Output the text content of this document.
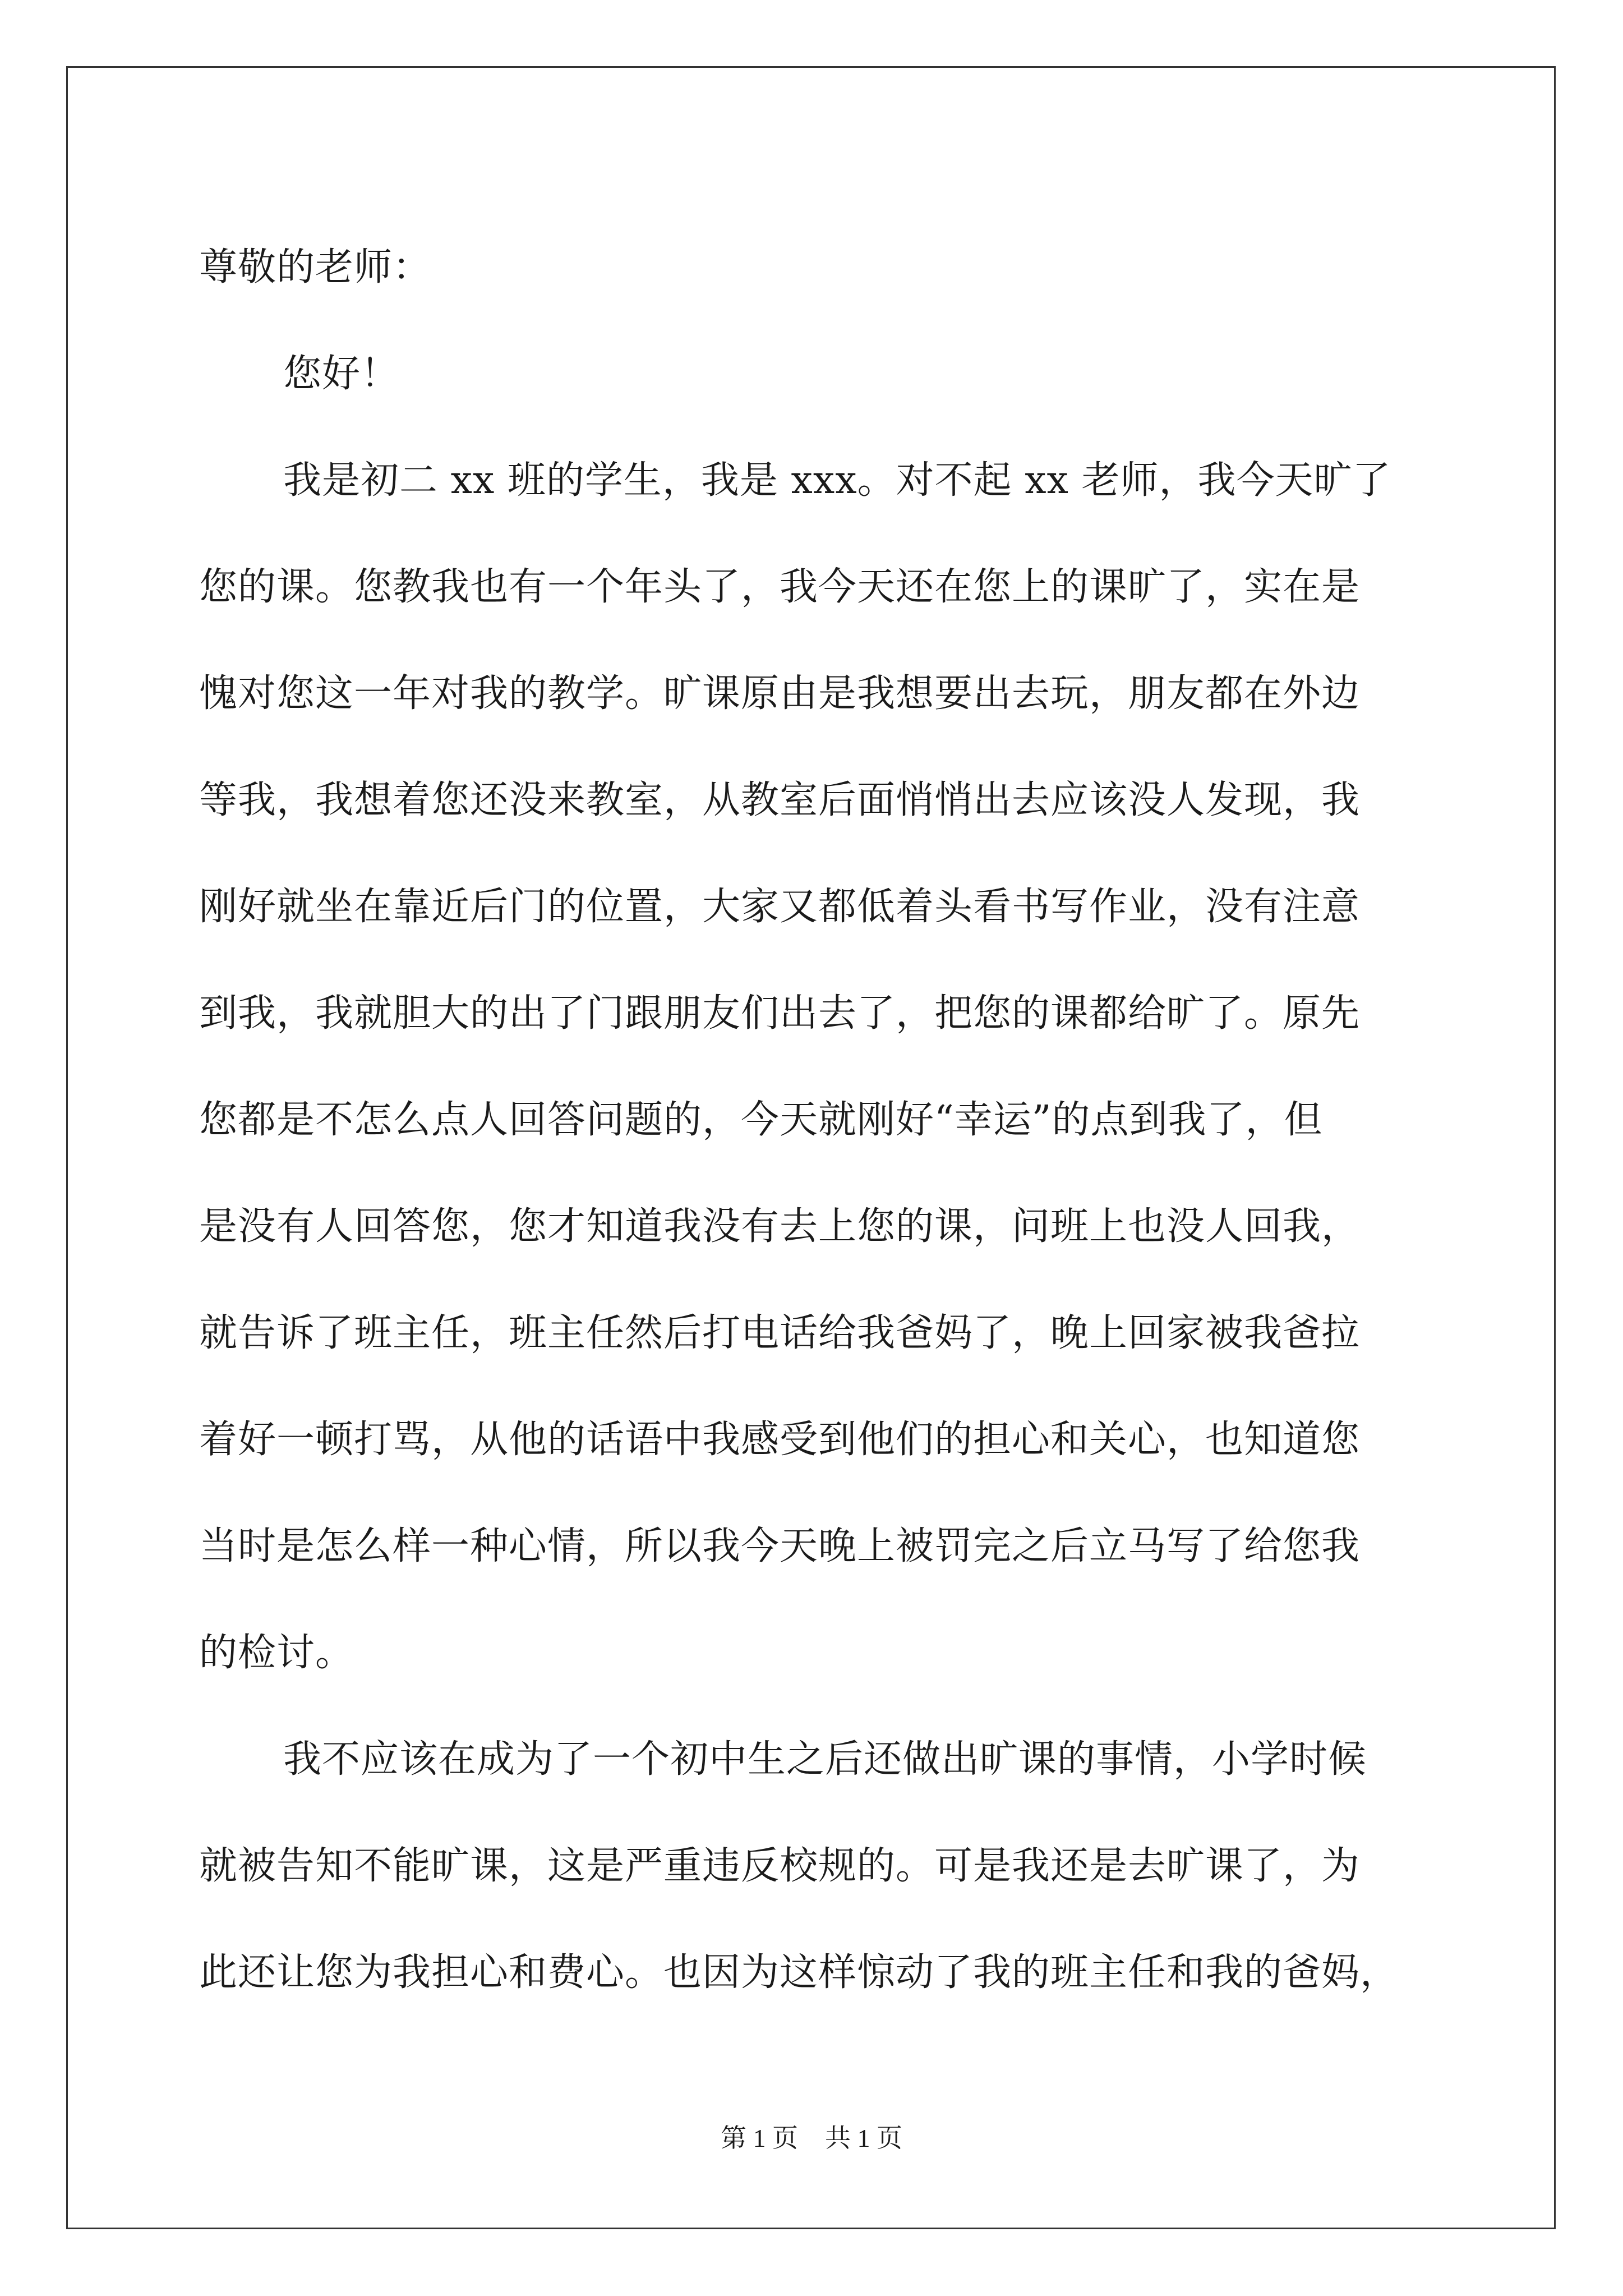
尊敬的老师：

您好！

我是初二 xx 班的学生，我是 xxx。对不起 xx 老师，我今天旷了

您的课。您教我也有一个年头了，我今天还在您上的课旷了，实在是

愧对您这一年对我的教学。旷课原由是我想要出去玩，朋友都在外边

等我，我想着您还没来教室，从教室后面悄悄出去应该没人发现，我

刚好就坐在靠近后门的位置，大家又都低着头看书写作业，没有注意

到我，我就胆大的出了门跟朋友们出去了，把您的课都给旷了。原先

您都是不怎么点人回答问题的，今天就刚好“幸运”的点到我了，但

是没有人回答您，您才知道我没有去上您的课，问班上也没人回我，

就告诉了班主任，班主任然后打电话给我爸妈了，晚上回家被我爸拉

着好一顿打骂，从他的话语中我感受到他们的担心和关心，也知道您

当时是怎么样一种心情，所以我今天晚上被罚完之后立马写了给您我

的检讨。

我不应该在成为了一个初中生之后还做出旷课的事情，小学时候

就被告知不能旷课，这是严重违反校规的。可是我还是去旷课了，为

此还让您为我担心和费心。也因为这样惊动了我的班主任和我的爸妈，

第 1 页 共 1 页
